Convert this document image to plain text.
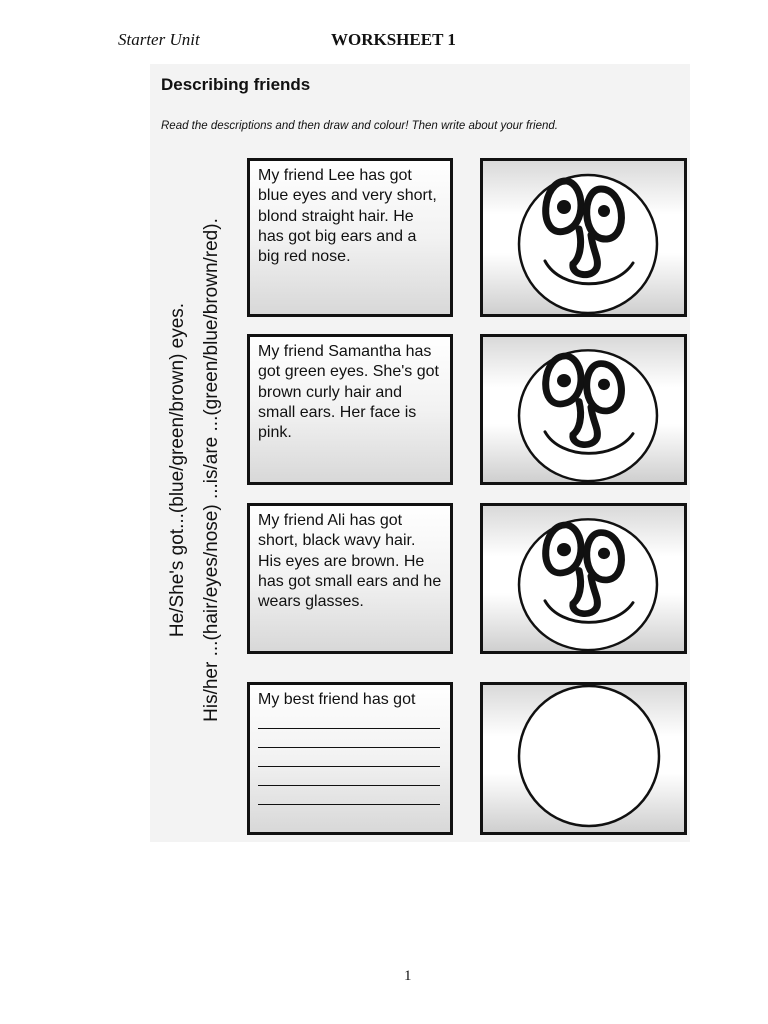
Starter Unit	WORKSHEET 1
Describing friends
Read the descriptions and then draw and colour! Then write about your friend.
He/She's got...(blue/green/brown) eyes. His/her ...(hair/eyes/nose) ...is/are ...(green/blue/brown/red).
My friend Lee has got blue eyes and very short, blond straight hair. He has got big ears and a big red nose.
My friend Samantha has got green eyes. She's got brown curly hair and small ears. Her face is pink.
My friend Ali has got short, black wavy hair. His eyes are brown. He has got small ears and he wears glasses.
My best friend has got
1
